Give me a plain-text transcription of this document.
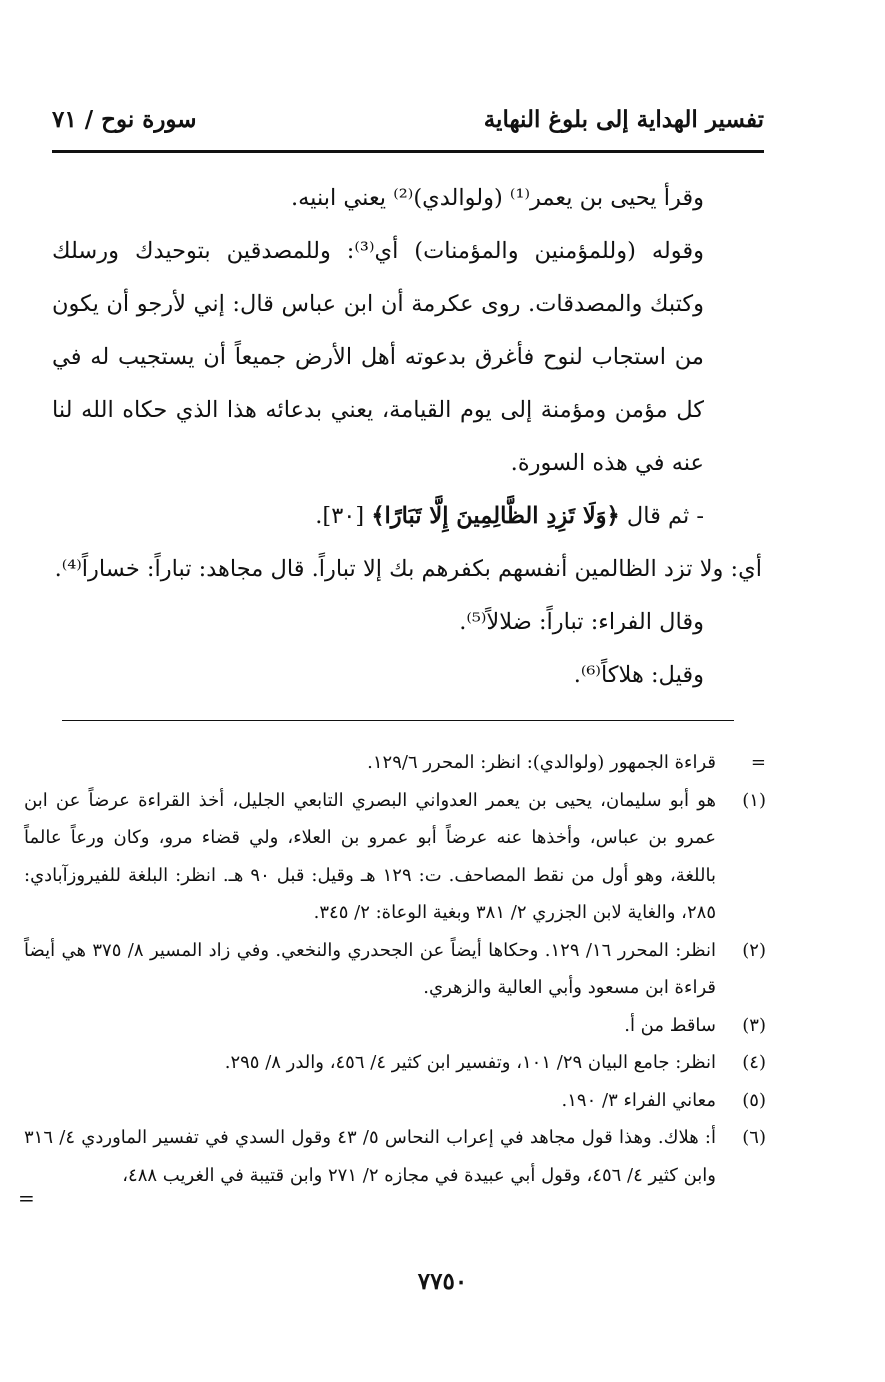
تفسير الهداية إلى بلوغ النهاية
سورة نوح / ٧١

وقرأ يحيى بن يعمر⁽¹⁾ (ولوالدي)⁽²⁾ يعني ابنيه.

وقوله (وللمؤمنين والمؤمنات) أي⁽³⁾: وللمصدقين بتوحيدك ورسلك وكتبك والمصدقات. روى عكرمة أن ابن عباس قال: إني لأرجو أن يكون من استجاب لنوح فأغرق بدعوته أهل الأرض جميعاً أن يستجيب له في كل مؤمن ومؤمنة إلى يوم القيامة، يعني بدعائه هذا الذي حكاه الله لنا عنه في هذه السورة.

- ثم قال ﴿وَلَا تَزِدِ الظَّالِمِينَ إِلَّا تَبَارًا﴾ [٣٠].

أي: ولا تزد الظالمين أنفسهم بكفرهم بك إلا تباراً. قال مجاهد: تباراً: خساراً⁽⁴⁾.

وقال الفراء: تباراً: ضلالاً⁽⁵⁾.

وقيل: هلاكاً⁽⁶⁾.

=
قراءة الجمهور (ولوالدي): انظر: المحرر ١٢٩/٦.
(١)
هو أبو سليمان، يحيى بن يعمر العدواني البصري التابعي الجليل، أخذ القراءة عرضاً عن ابن عمرو بن عباس، وأخذها عنه عرضاً أبو عمرو بن العلاء، ولي قضاء مرو، وكان ورعاً عالماً باللغة، وهو أول من نقط المصاحف. ت: ١٢٩ هـ وقيل: قبل ٩٠ هـ. انظر: البلغة للفيروزآبادي: ٢٨٥، والغاية لابن الجزري ٢/ ٣٨١ وبغية الوعاة: ٢/ ٣٤٥.
(٢)
انظر: المحرر ١٦/ ١٢٩. وحكاها أيضاً عن الجحدري والنخعي. وفي زاد المسير ٨/ ٣٧٥ هي أيضاً قراءة ابن مسعود وأبي العالية والزهري.
(٣)
ساقط من أ.
(٤)
انظر: جامع البيان ٢٩/ ١٠١، وتفسير ابن كثير ٤/ ٤٥٦، والدر ٨/ ٢٩٥.
(٥)
معاني الفراء ٣/ ١٩٠.
(٦)
أ: هلاك. وهذا قول مجاهد في إعراب النحاس ٥/ ٤٣ وقول السدي في تفسير الماوردي ٤/ ٣١٦ وابن كثير ٤/ ٤٥٦، وقول أبي عبيدة في مجازه ٢/ ٢٧١ وابن قتيبة في الغريب ٤٨٨،
=
٧٧٥٠
